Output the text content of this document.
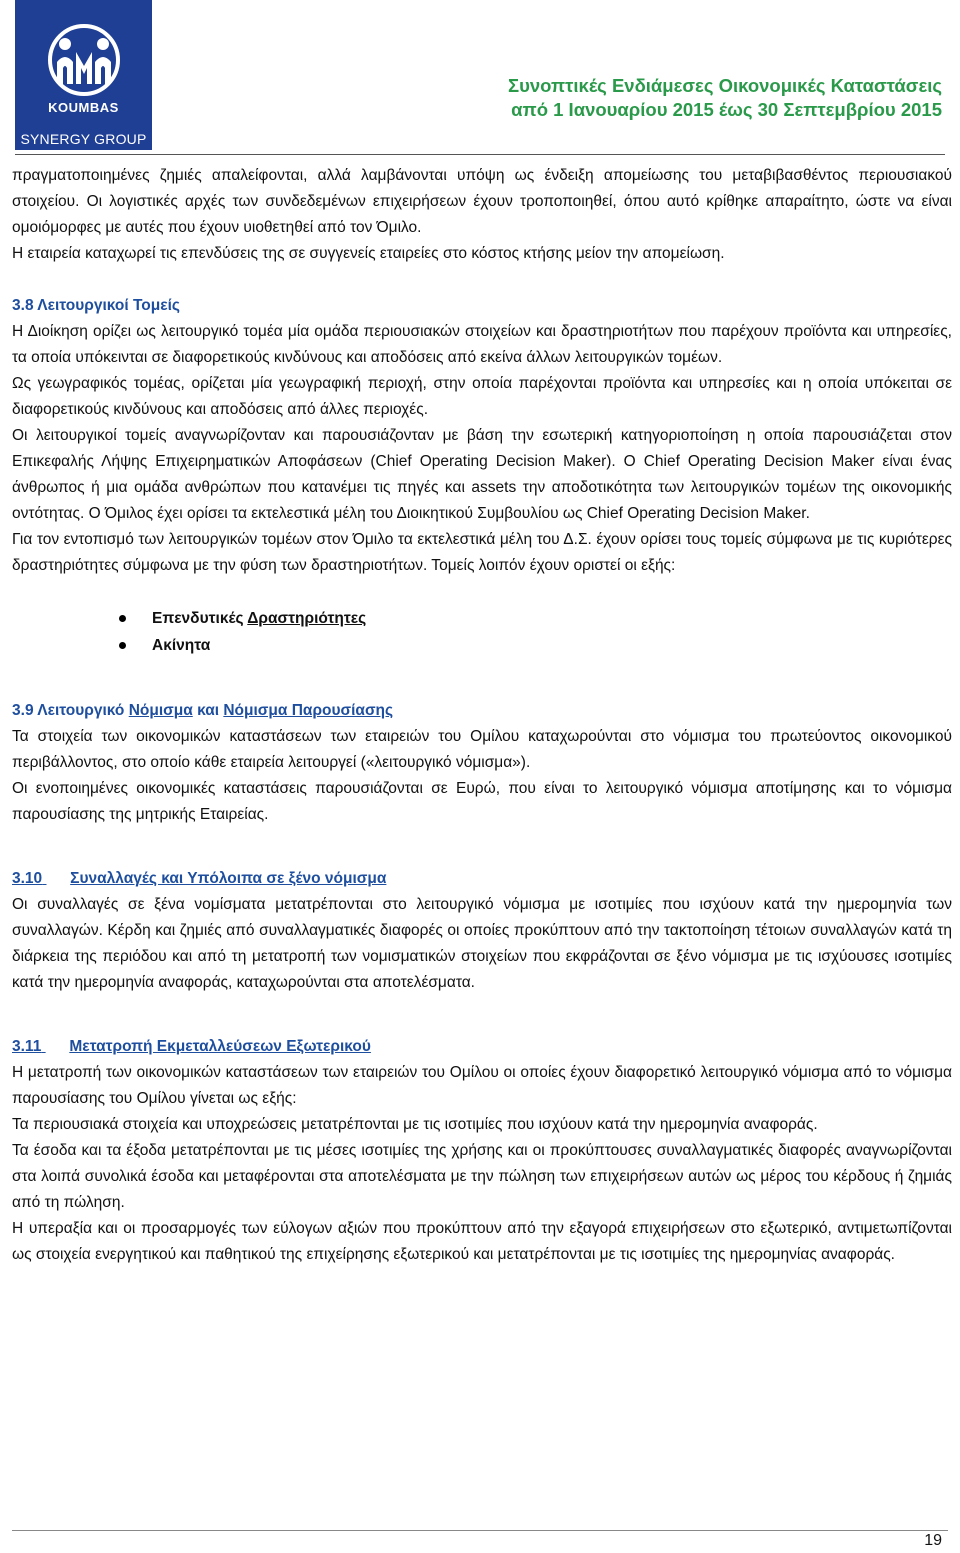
KOUMBAS
SYNERGY GROUP
Συνοπτικές Ενδιάμεσες Οικονομικές Καταστάσεις
από 1 Ιανουαρίου 2015 έως 30 Σεπτεμβρίου 2015

πραγματοποιημένες ζημιές απαλείφονται, αλλά λαμβάνονται υπόψη ως ένδειξη απομείωσης του μεταβιβασθέντος περιουσιακού στοιχείου. Οι λογιστικές αρχές των συνδεδεμένων επιχειρήσεων έχουν τροποποιηθεί, όπου αυτό κρίθηκε απαραίτητο, ώστε να είναι ομοιόμορφες με αυτές που έχουν υιοθετηθεί από τον Όμιλο.

Η εταιρεία καταχωρεί τις επενδύσεις της σε συγγενείς εταιρείες στο κόστος κτήσης μείον την απομείωση.

3.8 Λειτουργικοί Τομείς

Η Διοίκηση ορίζει ως λειτουργικό τομέα μία ομάδα περιουσιακών στοιχείων και δραστηριοτήτων που παρέχουν προϊόντα και υπηρεσίες, τα οποία υπόκεινται σε διαφορετικούς κινδύνους και αποδόσεις από εκείνα άλλων λειτουργικών τομέων.

Ως γεωγραφικός τομέας, ορίζεται μία γεωγραφική περιοχή, στην οποία παρέχονται προϊόντα και υπηρεσίες και η οποία υπόκειται σε διαφορετικούς κινδύνους και αποδόσεις από άλλες περιοχές.

Οι λειτουργικοί τομείς αναγνωρίζονταν και παρουσιάζονταν με βάση την εσωτερική κατηγοριοποίηση η οποία παρουσιάζεται στον Επικεφαλής Λήψης Επιχειρηματικών Αποφάσεων (Chief Operating Decision Maker). O Chief Operating Decision Maker είναι ένας άνθρωπος ή μια ομάδα ανθρώπων που κατανέμει τις πηγές και assets την αποδοτικότητα των λειτουργικών τομέων της οικονομικής οντότητας. Ο Όμιλος έχει ορίσει τα εκτελεστικά μέλη του Διοικητικού Συμβουλίου ως Chief Operating Decision Maker.

Για τον εντοπισμό των λειτουργικών τομέων στον Όμιλο τα εκτελεστικά μέλη του Δ.Σ. έχουν ορίσει τους τομείς σύμφωνα με τις κυριότερες δραστηριότητες σύμφωνα με την φύση των δραστηριοτήτων. Τομείς λοιπόν έχουν οριστεί οι εξής:

Επενδυτικές Δραστηριότητες
Ακίνητα

3.9 Λειτουργικό Νόμισμα και Νόμισμα Παρουσίασης

Τα στοιχεία των οικονομικών καταστάσεων των εταιρειών του Ομίλου καταχωρούνται στο νόμισμα του πρωτεύοντος οικονομικού περιβάλλοντος, στο οποίο κάθε εταιρεία λειτουργεί («λειτουργικό νόμισμα»).

Οι ενοποιημένες οικονομικές καταστάσεις παρουσιάζονται σε Ευρώ, που είναι το λειτουργικό νόμισμα αποτίμησης και το νόμισμα παρουσίασης της μητρικής Εταιρείας.

3.10 Συναλλαγές και Υπόλοιπα σε ξένο νόμισμα

Οι συναλλαγές σε ξένα νομίσματα μετατρέπονται στο λειτουργικό νόμισμα με ισοτιμίες που ισχύουν κατά την ημερομηνία των συναλλαγών. Κέρδη και ζημιές από συναλλαγματικές διαφορές οι οποίες προκύπτουν από την τακτοποίηση τέτοιων συναλλαγών κατά τη διάρκεια της περιόδου και από τη μετατροπή των νομισματικών στοιχείων που εκφράζονται σε ξένο νόμισμα με τις ισχύουσες ισοτιμίες κατά την ημερομηνία αναφοράς, καταχωρούνται στα αποτελέσματα.

3.11 Μετατροπή Εκμεταλλεύσεων Εξωτερικού

Η μετατροπή των οικονομικών καταστάσεων των εταιρειών του Ομίλου οι οποίες έχουν διαφορετικό λειτουργικό νόμισμα από το νόμισμα παρουσίασης του Ομίλου γίνεται ως εξής:

Τα περιουσιακά στοιχεία και υποχρεώσεις μετατρέπονται με τις ισοτιμίες που ισχύουν κατά την ημερομηνία αναφοράς.

Τα έσοδα και τα έξοδα μετατρέπονται με τις μέσες ισοτιμίες της χρήσης και οι προκύπτουσες συναλλαγματικές διαφορές αναγνωρίζονται στα λοιπά συνολικά έσοδα και μεταφέρονται στα αποτελέσματα με την πώληση των επιχειρήσεων αυτών ως μέρος του κέρδους ή ζημιάς από τη πώληση.

Η υπεραξία και οι προσαρμογές των εύλογων αξιών που προκύπτουν από την εξαγορά επιχειρήσεων στο εξωτερικό, αντιμετωπίζονται ως στοιχεία ενεργητικού και παθητικού της επιχείρησης εξωτερικού και μετατρέπονται με τις ισοτιμίες της ημερομηνίας αναφοράς.

19
